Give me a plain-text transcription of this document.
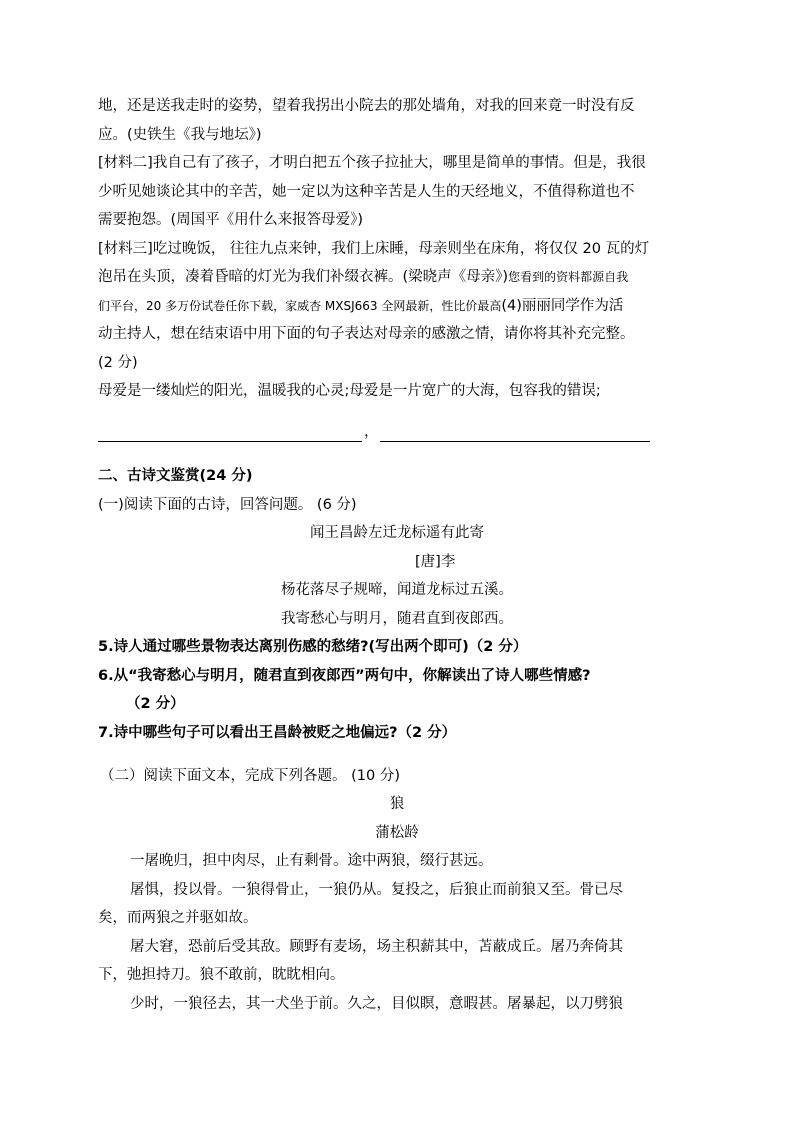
地，还是送我走时的姿势，望着我拐出小院去的那处墙角，对我的回来竟一时没有反
应。(史铁生《我与地坛》)
[材料二]我自己有了孩子，才明白把五个孩子拉扯大，哪里是简单的事情。但是，我很
少听见她谈论其中的辛苦，她一定以为这种辛苦是人生的天经地义，不值得称道也不
需要抱怨。(周国平《用什么来报答母爱》)
[材料三]吃过晚饭， 往往九点来钟，我们上床睡，母亲则坐在床角，将仅仅 20 瓦的灯
泡吊在头顶，凑着昏暗的灯光为我们补缀衣裤。(梁晓声《母亲》)您看到的资料都源自我
们平台，20 多万份试卷任你下载，家威杏 MXSJ663 全网最新，性比价最高(4)丽丽同学作为活
动主持人，想在结束语中用下面的句子表达对母亲的感激之情，请你将其补充完整。
(2 分)
母爱是一缕灿烂的阳光，温暖我的心灵;母爱是一片宽广的大海，包容我的错误;
，
二、古诗文鉴赏(24 分)
(一)阅读下面的古诗，回答问题。 (6 分)
闻王昌龄左迁龙标遥有此寄
[唐]李
杨花落尽子规啼，闻道龙标过五溪。
我寄愁心与明月，随君直到夜郎西。
5.诗人通过哪些景物表达离别伤感的愁绪?(写出两个即可)（2 分）
6.从“我寄愁心与明月，随君直到夜郎西”两句中，你解读出了诗人哪些情感?
（2 分）
7.诗中哪些句子可以看出王昌龄被贬之地偏远?（2 分）
（二）阅读下面文本，完成下列各题。 (10 分)
狼
蒲松龄
一屠晚归，担中肉尽，止有剩骨。途中两狼，缀行甚远。
屠惧，投以骨。一狼得骨止，一狼仍从。复投之，后狼止而前狼又至。骨已尽
矣，而两狼之并驱如故。
屠大窘，恐前后受其敌。顾野有麦场，场主积薪其中，苫蔽成丘。屠乃奔倚其
下，弛担持刀。狼不敢前，眈眈相向。
少时，一狼径去，其一犬坐于前。久之，目似瞑，意暇甚。屠暴起，以刀劈狼
